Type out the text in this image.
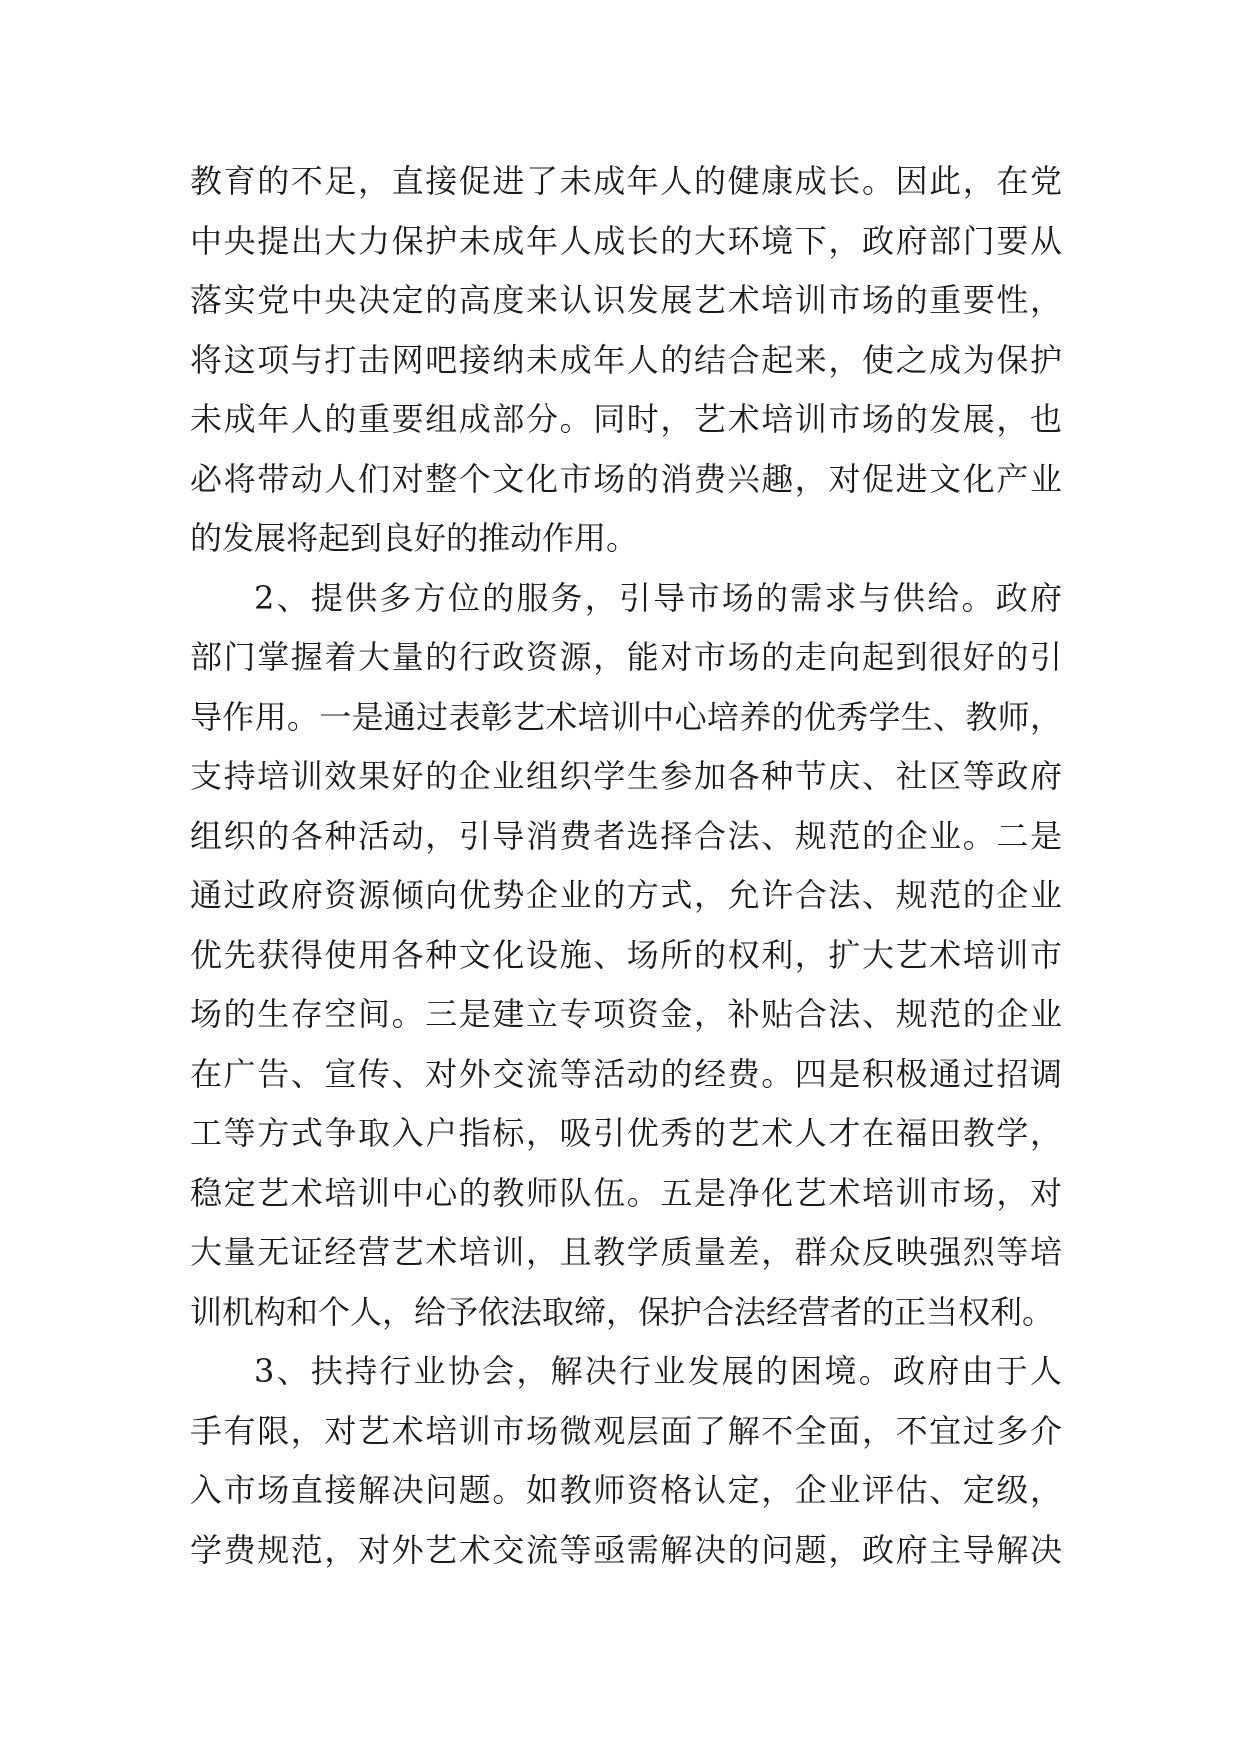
教育的不足，直接促进了未成年人的健康成长。因此，在党
中央提出大力保护未成年人成长的大环境下，政府部门要从
落实党中央决定的高度来认识发展艺术培训市场的重要性，
将这项与打击网吧接纳未成年人的结合起来，使之成为保护
未成年人的重要组成部分。同时，艺术培训市场的发展，也
必将带动人们对整个文化市场的消费兴趣，对促进文化产业
的发展将起到良好的推动作用。
2、提供多方位的服务，引导市场的需求与供给。政府
部门掌握着大量的行政资源，能对市场的走向起到很好的引
导作用。一是通过表彰艺术培训中心培养的优秀学生、教师，
支持培训效果好的企业组织学生参加各种节庆、社区等政府
组织的各种活动，引导消费者选择合法、规范的企业。二是
通过政府资源倾向优势企业的方式，允许合法、规范的企业
优先获得使用各种文化设施、场所的权利，扩大艺术培训市
场的生存空间。三是建立专项资金，补贴合法、规范的企业
在广告、宣传、对外交流等活动的经费。四是积极通过招调
工等方式争取入户指标，吸引优秀的艺术人才在福田教学，
稳定艺术培训中心的教师队伍。五是净化艺术培训市场，对
大量无证经营艺术培训，且教学质量差，群众反映强烈等培
训机构和个人，给予依法取缔，保护合法经营者的正当权利。
3、扶持行业协会，解决行业发展的困境。政府由于人
手有限，对艺术培训市场微观层面了解不全面，不宜过多介
入市场直接解决问题。如教师资格认定，企业评估、定级，
学费规范，对外艺术交流等亟需解决的问题，政府主导解决
